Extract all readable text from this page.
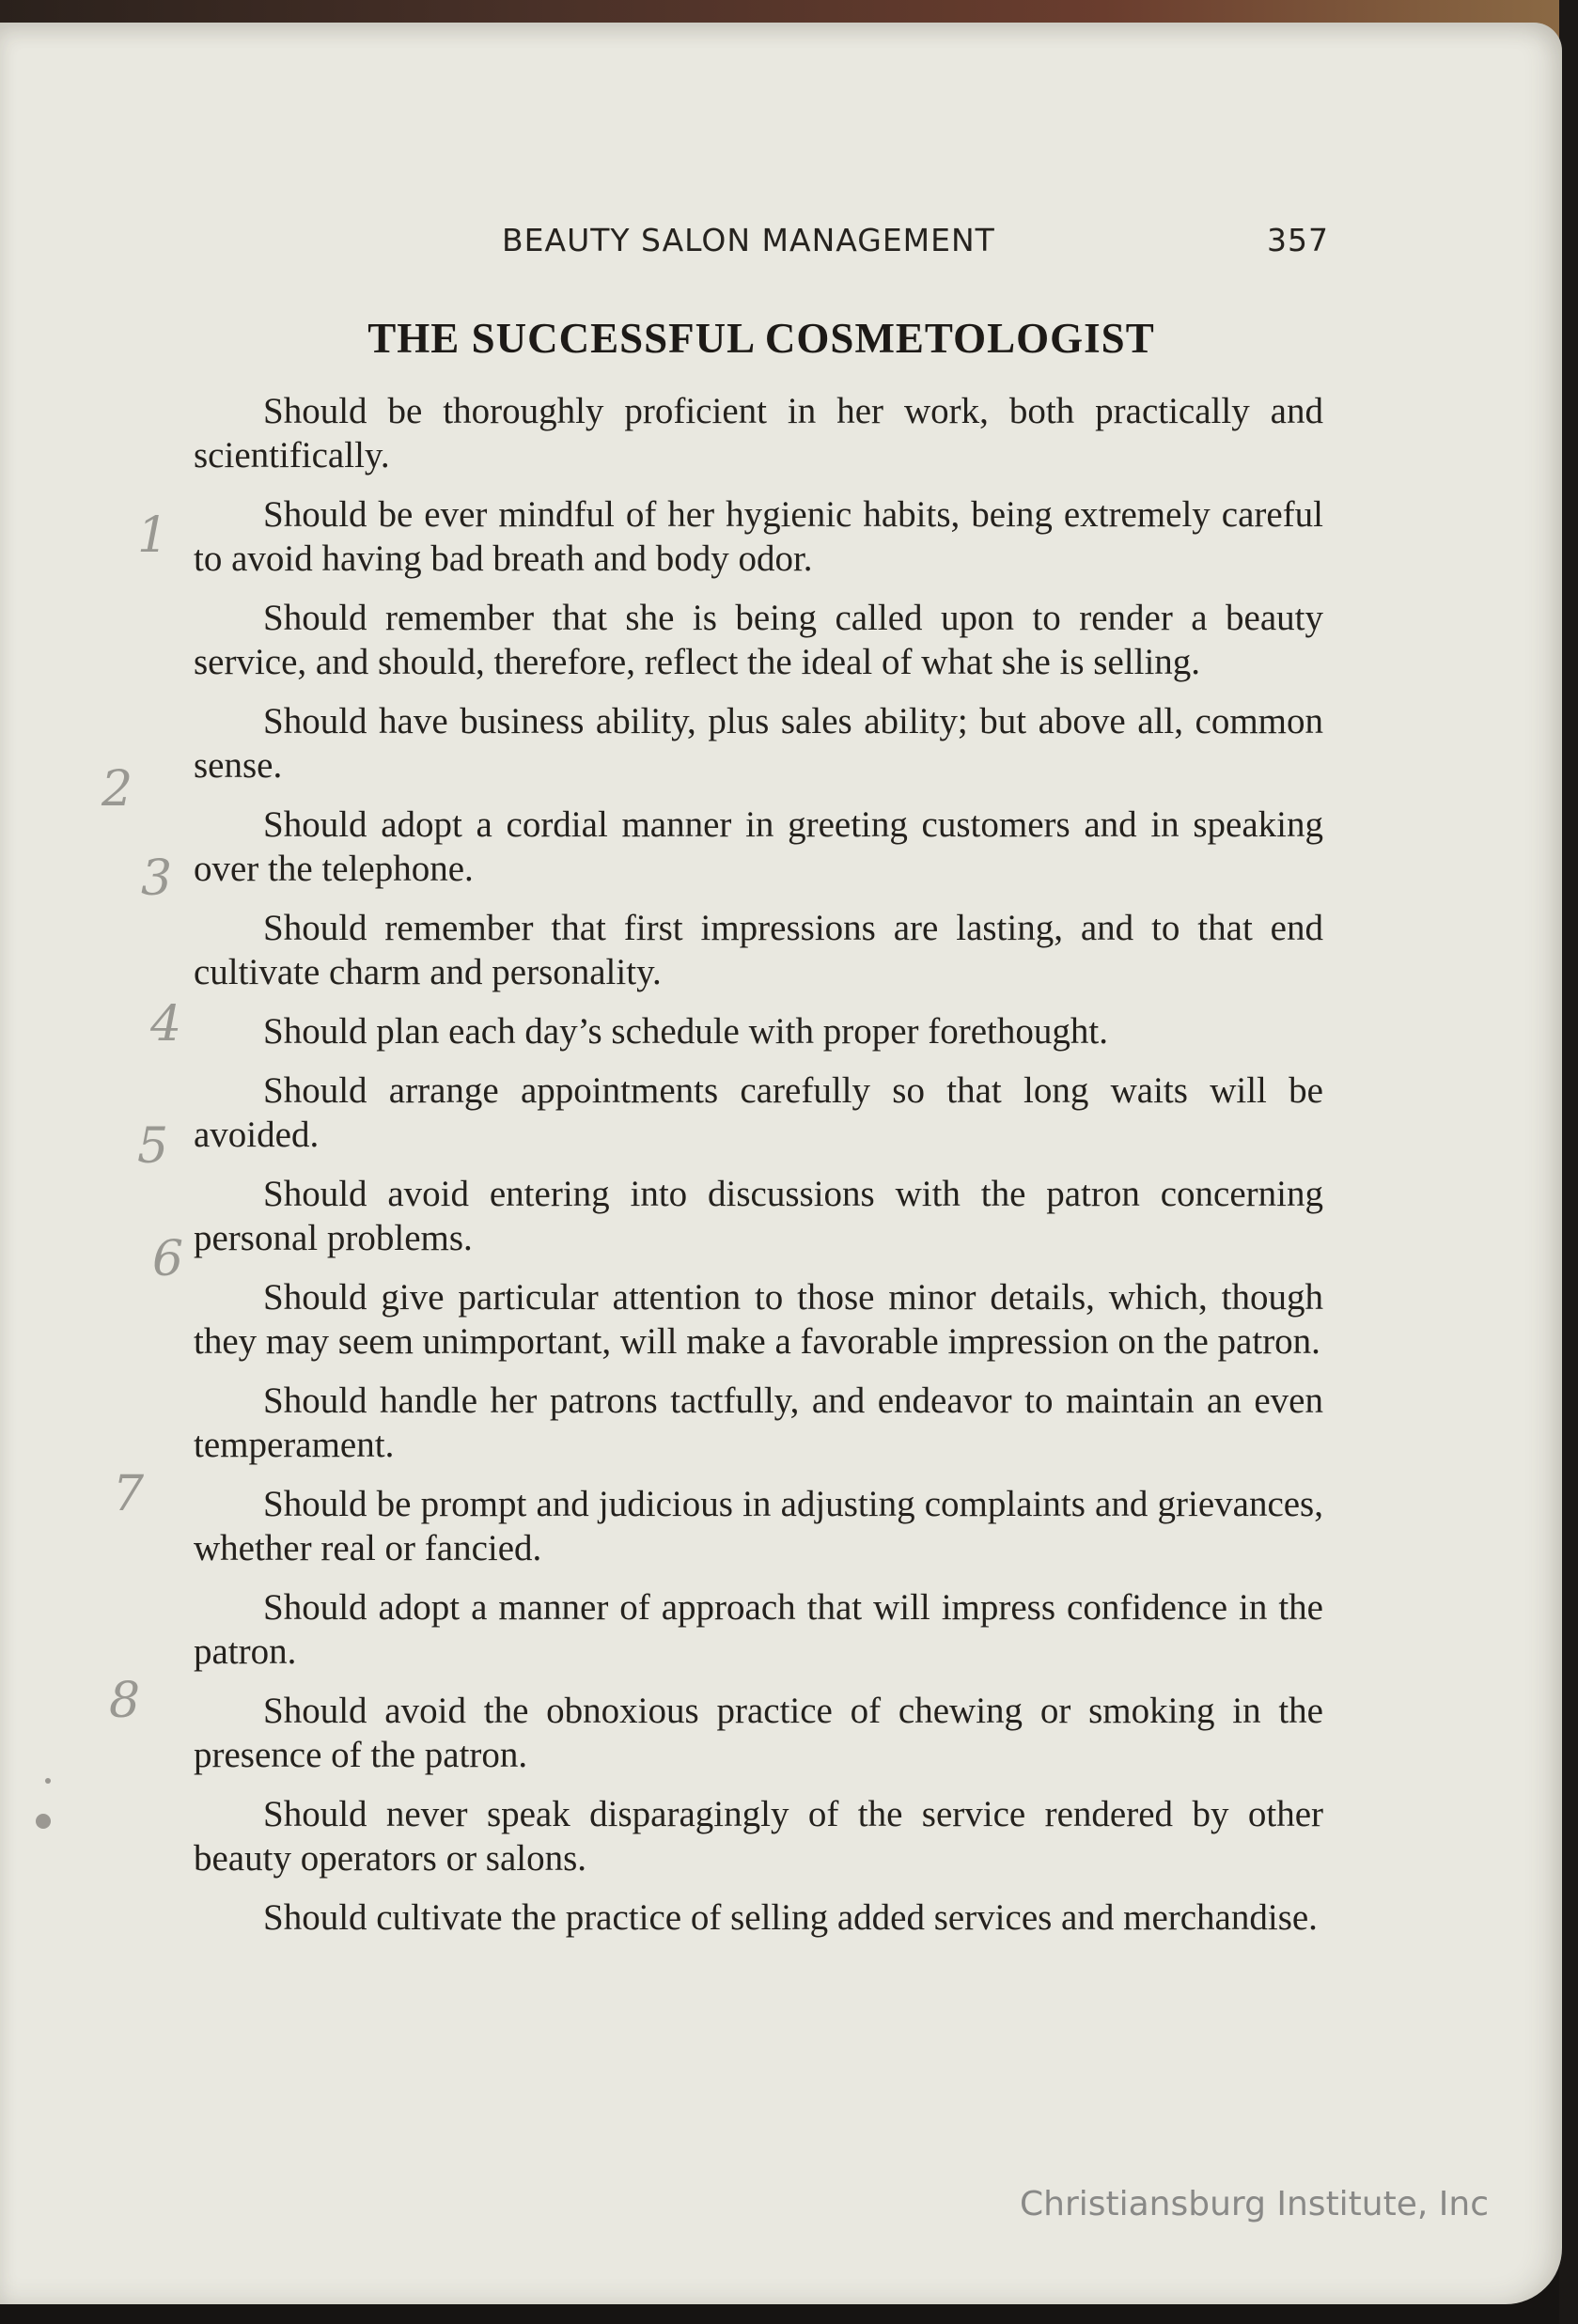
BEAUTY SALON MANAGEMENT	357
THE SUCCESSFUL COSMETOLOGIST

Should be thoroughly proficient in her work, both practically and scientifically.

Should be ever mindful of her hygienic habits, being extremely careful to avoid having bad breath and body odor.

Should remember that she is being called upon to render a beauty service, and should, therefore, reflect the ideal of what she is selling.

Should have business ability, plus sales ability; but above all, common sense.

Should adopt a cordial manner in greeting customers and in speaking over the telephone.

Should remember that first impressions are lasting, and to that end cultivate charm and personality.

Should plan each day’s schedule with proper forethought.

Should arrange appointments carefully so that long waits will be avoided.

Should avoid entering into discussions with the patron concerning personal problems.

Should give particular attention to those minor details, which, though they may seem unimportant, will make a favorable impression on the patron.

Should handle her patrons tactfully, and endeavor to maintain an even temperament.

Should be prompt and judicious in adjusting complaints and grievances, whether real or fancied.

Should adopt a manner of approach that will impress confidence in the patron.

Should avoid the obnoxious practice of chewing or smoking in the presence of the patron.

Should never speak disparagingly of the service rendered by other beauty operators or salons.

Should cultivate the practice of selling added services and merchandise.

1
2
3
4
5
6
7
8
Christiansburg Institute, Inc
